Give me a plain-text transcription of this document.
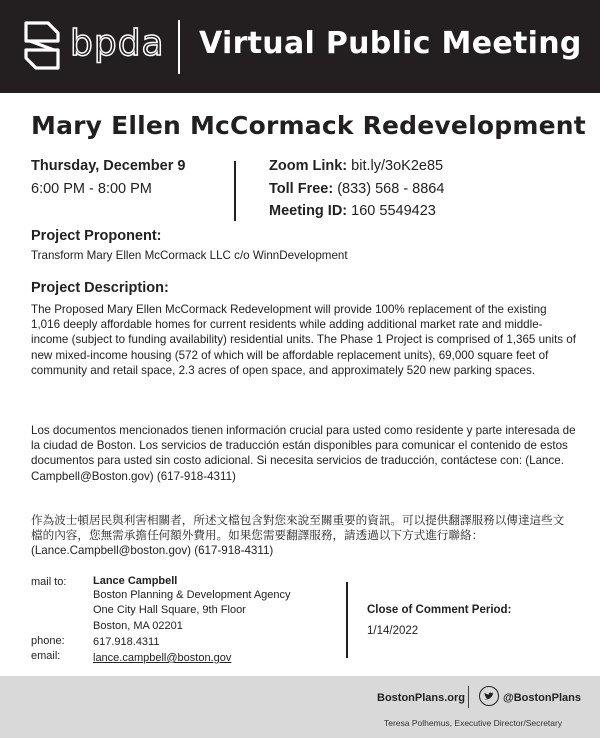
bpda Virtual Public Meeting
Mary Ellen McCormack Redevelopment
Thursday, December 9
6:00 PM - 8:00 PM
Zoom Link: bit.ly/3oK2e85
Toll Free: (833) 568 - 8864
Meeting ID: 160 5549423
Project Proponent:
Transform Mary Ellen McCormack LLC c/o WinnDevelopment
Project Description:
The Proposed Mary Ellen McCormack Redevelopment will provide 100% replacement of the existing 1,016 deeply affordable homes for current residents while adding additional market rate and middle-income (subject to funding availability) residential units. The Phase 1 Project is comprised of 1,365 units of new mixed-income housing (572 of which will be affordable replacement units), 69,000 square feet of community and retail space, 2.3 acres of open space, and approximately 520 new parking spaces.
Los documentos mencionados tienen información crucial para usted como residente y parte interesada de la ciudad de Boston. Los servicios de traducción están disponibles para comunicar el contenido de estos documentos para usted sin costo adicional. Si necesita servicios de traducción, contáctese con: (Lance. Campbell@Boston.gov) (617-918-4311)
作為波士頓居民與利害相關者，所述文檔包含對您來說至關重要的資訊。可以提供翻譯服務以傳達這些文檔的內容，您無需承擔任何額外費用。如果您需要翻譯服務，請透過以下方式進行聯絡： (Lance.Campbell@boston.gov) (617-918-4311)
mail to: Lance Campbell
Boston Planning & Development Agency
One City Hall Square, 9th Floor
Boston, MA 02201
phone:	617.918.4311
email:	lance.campbell@boston.gov
Close of Comment Period:
1/14/2022
BostonPlans.org	@BostonPlans
Teresa Polhemus, Executive Director/Secretary
